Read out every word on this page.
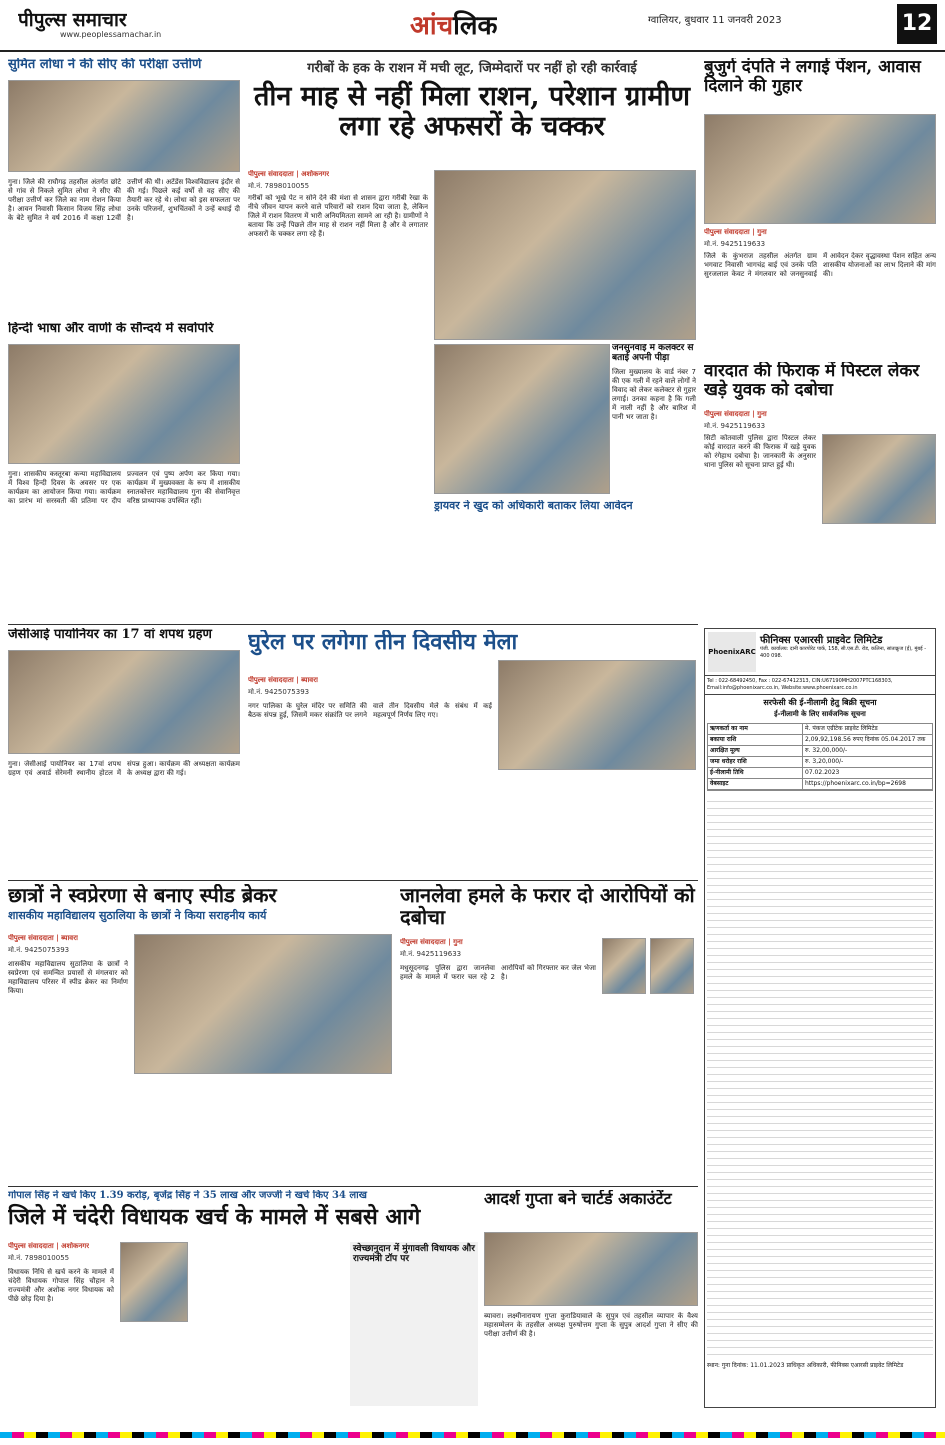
पीपुल्स समाचार
www.peoplessamachar.in	आंचलिक	ग्वालियर, बुधवार 11 जनवरी 2023	12
सुमित लोधा ने की सीए की परीक्षा उत्तीर्ण
गुना। जिले की राघौगढ़ तहसील अंतर्गत छोटे से गांव से निकले सुमित लोधा ने सीए की परीक्षा उत्तीर्ण कर जिले का नाम रोशन किया है। आवन निवासी किसान विजय सिंह लोधा के बेटे सुमित ने वर्ष 2016 में कक्षा 12वीं उत्तीर्ण की थी। अटेंडेंस विश्वविद्यालय इंदौर से की गई। पिछले कई वर्षों से वह सीए की तैयारी कर रहे थे। लोधा को इस सफलता पर उनके परिजनों, शुभचिंतकों ने उन्हें बधाई दी है।
हिन्दी भाषा और वाणी के सौन्दर्य में सर्वोपरि
गुना। शासकीय कस्तूरबा कन्या महाविद्यालय में विश्व हिन्दी दिवस के अवसर पर एक कार्यक्रम का आयोजन किया गया। कार्यक्रम का प्रारंभ मां सरस्वती की प्रतिमा पर दीप प्रज्वलन एवं पुष्प अर्पण कर किया गया। कार्यक्रम में मुख्यवक्ता के रूप में शासकीय स्नातकोत्तर महाविद्यालय गुना की सेवानिवृत्त वरिष्ठ प्राध्यापक उपस्थित रहीं।
गरीबों के हक के राशन में मची लूट, जिम्मेदारों पर नहीं हो रही कार्रवाई
तीन माह से नहीं मिला राशन, परेशान ग्रामीण लगा रहे अफसरों के चक्कर
पीपुल्स संवाददाता | अशोकनगर
मो.नं. 7898010055
गरीबों को भूखे पेट न सोने देने की मंशा से शासन द्वारा गरीबी रेखा के नीचे जीवन यापन करने वाले परिवारों को राशन दिया जाता है, लेकिन जिले में राशन वितरण में भारी अनियमितता सामने आ रही है। ग्रामीणों ने बताया कि उन्हें पिछले तीन माह से राशन नहीं मिला है और वे लगातार अफसरों के चक्कर लगा रहे हैं।
ड्रायवर ने खुद को अधिकारी बताकर लिया आवेदन
जनसुनवाई में कलेक्टर से बताई अपनी पीड़ा
जिला मुख्यालय के वार्ड नंबर 7 की एक गली में रहने वाले लोगों ने विवाद को लेकर कलेक्टर से गुहार लगाई। उनका कहना है कि गली में नाली नहीं है और बारिश में पानी भर जाता है।
बुजुर्ग दंपति ने लगाई पेंशन, आवास दिलाने की गुहार
पीपुल्स संवाददाता | गुना
मो.नं. 9425119633
जिले के कुंभराज तहसील अंतर्गत ग्राम भगवाट निवासी भागचंद्र बाई एवं उनके पति सुरजलाल केवट ने मंगलवार को जनसुनवाई में आवेदन देकर वृद्धावस्था पेंशन सहित अन्य शासकीय योजनाओं का लाभ दिलाने की मांग की।
वारदात की फिराक में पिस्टल लेकर खड़े युवक को दबोचा
पीपुल्स संवाददाता | गुना
मो.नं. 9425119633
सिटी कोतवाली पुलिस द्वारा पिस्टल लेकर कोई वारदात करने की फिराक में खड़े युवक को रंगेहाथ दबोचा है। जानकारी के अनुसार थाना पुलिस को सूचना प्राप्त हुई थी।
जेसीआई पायोनियर का 17 वां शपथ ग्रहण
गुना। जेसीआई पायोनियर का 17वां शपथ ग्रहण एवं अवार्ड सेरेमनी स्थानीय होटल में संपन्न हुआ। कार्यक्रम की अध्यक्षता कार्यक्रम के अध्यक्ष द्वारा की गई।
घुरेल पर लगेगा तीन दिवसीय मेला
पीपुल्स संवाददाता | ब्यावरा
मो.नं. 9425075393
नगर पालिका के घुरेल मंदिर पर समिति की बैठक संपन्न हुई, जिसमें मकर संक्रांति पर लगने वाले तीन दिवसीय मेले के संबंध में कई महत्वपूर्ण निर्णय लिए गए।
PhoenixARC
फीनिक्स एआरसी प्राइवेट लिमिटेड
पंजी. कार्यालय: दानी कारपोरेट पार्क, 158, सी.एस.टी. रोड, कलिना, सांताक्रूज (ई), मुंबई - 400 098.
Tel : 022-68492450, Fax : 022-67412313, CIN:U67190MH2007PTC168303, Email:info@phoenixarc.co.in, Website:www.phoenixarc.co.in
सरफेसी की ई-नीलामी हेतु बिक्री सूचना
ई-नीलामी के लिए सार्वजनिक सूचना
ऋणकर्ता का नाम	मे. पंकज एग्रीटेक प्राइवेट लिमिटेड
बकाया राशि	2,09,92,198.56 रुपए दिनांक 05.04.2017 तक
आरक्षित मूल्य	रु. 32,00,000/-
जमा धरोहर राशि	रु. 3,20,000/-
ई-नीलामी तिथि	07.02.2023
वेबसाइट	https://phoenixarc.co.in/bp=2698
स्थान: गुना दिनांक: 11.01.2023 प्राधिकृत अधिकारी, फीनिक्स एआरसी प्राइवेट लिमिटेड
छात्रों ने स्वप्रेरणा से बनाए स्पीड ब्रेकर
शासकीय महाविद्यालय सुठालिया के छात्रों ने किया सराहनीय कार्य
पीपुल्स संवाददाता | ब्यावरा
मो.नं. 9425075393
शासकीय महाविद्यालय सुठालिया के छात्रों ने स्वप्रेरणा एवं समन्वित प्रयासों से मंगलवार को महाविद्यालय परिसर में स्पीड ब्रेकर का निर्माण किया।
जानलेवा हमले के फरार दो आरोपियों को दबोचा
पीपुल्स संवाददाता | गुना
मो.नं. 9425119633
मधुसूदनगढ़ पुलिस द्वारा जानलेवा हमले के मामले में फरार चल रहे 2 आरोपियों को गिरफ्तार कर जेल भेजा है।
गोपाल सिंह ने खर्च किए 1.39 करोड़, बृजेंद्र सिंह ने 35 लाख और जज्जी ने खर्च किए 34 लाख
जिले में चंदेरी विधायक खर्च के मामले में सबसे आगे
पीपुल्स संवाददाता | अशोकनगर
मो.नं. 7898010055
विधायक निधि से खर्च करने के मामले में चंदेरी विधायक गोपाल सिंह चौहान ने राज्यमंत्री और अशोक नगर विधायक को पीछे छोड़ दिया है।
स्वेच्छानुदान में मुंगावली विधायक और राज्यमंत्री टॉप पर
आदर्श गुप्ता बने चार्टर्ड अकाउंटेंट
ब्यावरा। लक्ष्मीनारायण गुप्ता कुराडियावाले के सुपुत्र एवं तहसील व्यापार के वैश्य महासम्मेलन के तहसील अध्यक्ष पुरुषोत्तम गुप्ता के सुपुत्र आदर्श गुप्ता ने सीए की परीक्षा उत्तीर्ण की है।
